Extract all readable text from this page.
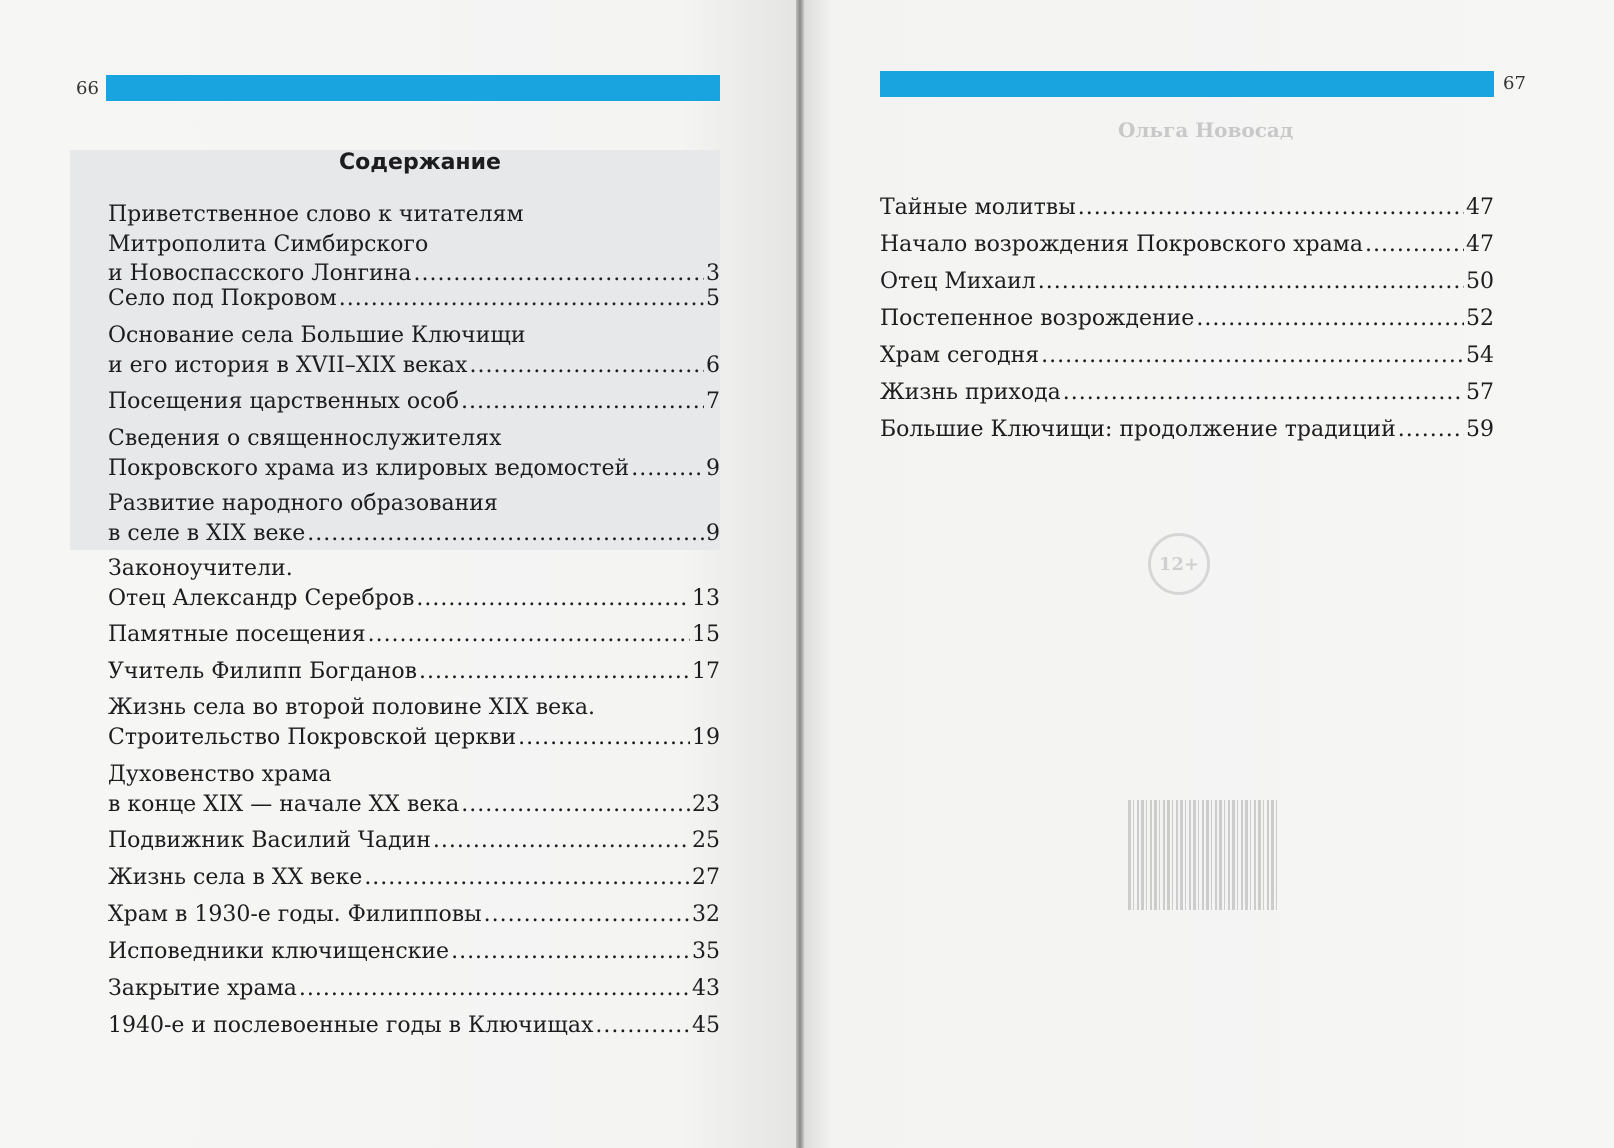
66
Содержание
Приветственное слово к читателям
Митрополита Симбирского
и Новоспасского Лонгина .....	3
Село под Покровом .....	5
Основание села Большие Ключищи
и его история в XVII–XIX веках .....	6
Посещения царственных особ .....	7
Сведения о священнослужителях
Покровского храма из клировых ведомостей .....	9
Развитие народного образования
в селе в XIX веке .....	9
Законоучители.
Отец Александр Серебров .....	13
Памятные посещения .....	15
Учитель Филипп Богданов .....	17
Жизнь села во второй половине XIX века.
Строительство Покровской церкви .....	19
Духовенство храма
в конце XIX — начале XX века .....	23
Подвижник Василий Чадин .....	25
Жизнь села в XX веке .....	27
Храм в 1930-е годы. Филипповы .....	32
Исповедники ключищенские .....	35
Закрытие храма .....	43
1940-е и послевоенные годы в Ключищах .....	45
67
Ольга Новосад
12+
Тайные молитвы .....	47
Начало возрождения Покровского храма .....	47
Отец Михаил .....	50
Постепенное возрождение .....	52
Храм сегодня .....	54
Жизнь прихода .....	57
Большие Ключищи: продолжение традиций .....	59
